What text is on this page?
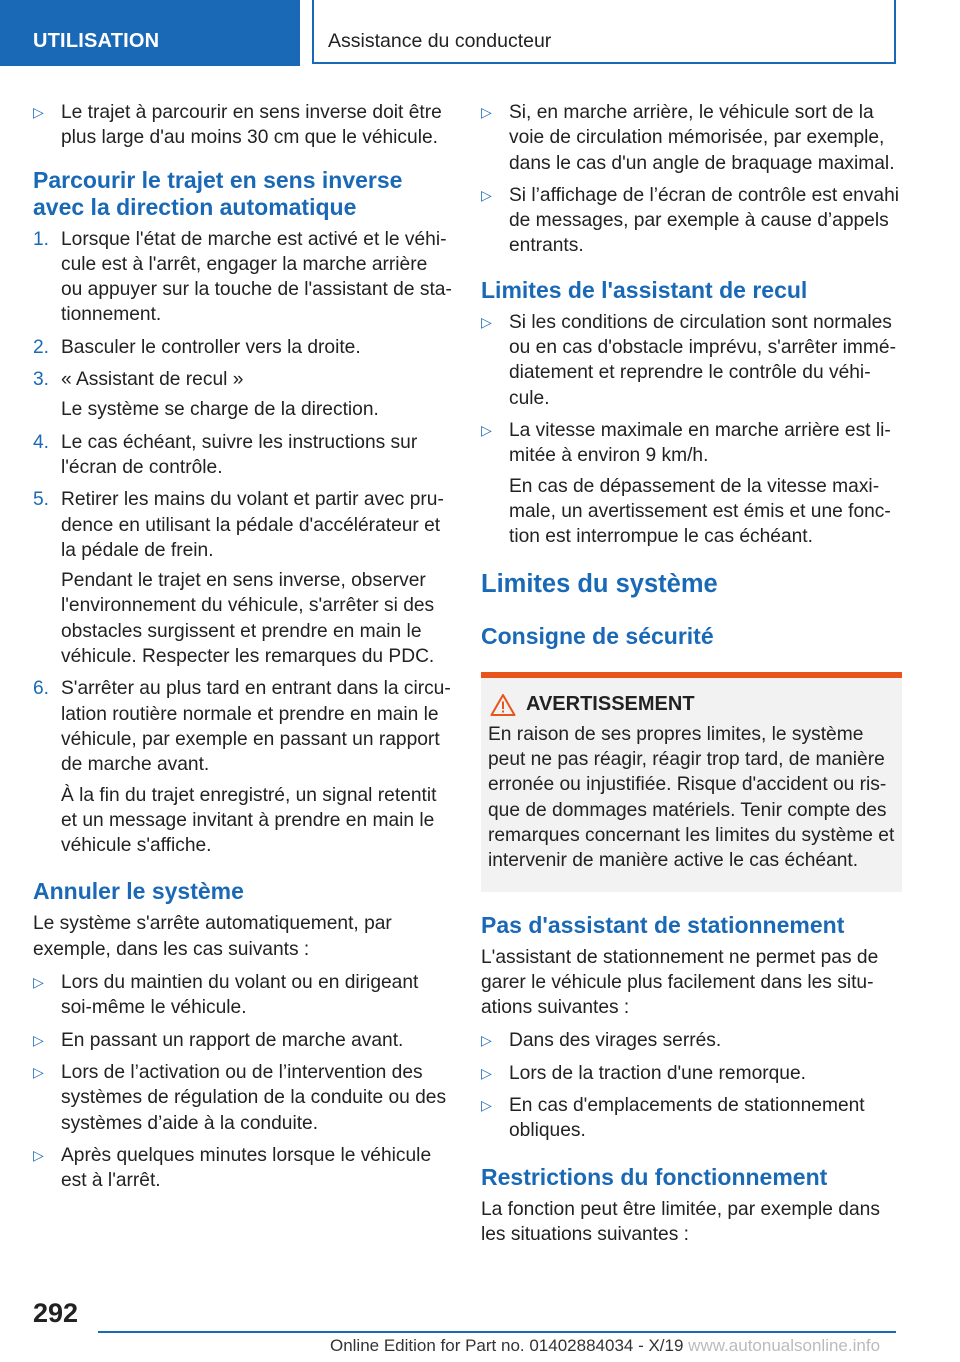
UTILISATION	Assistance du conducteur
▷ Le trajet à parcourir en sens inverse doit être plus large d'au moins 30 cm que le véhicule.

Parcourir le trajet en sens inverse avec la direction automatique
1. Lorsque l'état de marche est activé et le véhicule est à l'arrêt, engager la marche arrière ou appuyer sur la touche de l'assistant de stationnement.

2. Basculer le controller vers la droite.

3. « Assistant de recul »

Le système se charge de la direction.

4. Le cas échéant, suivre les instructions sur l'écran de contrôle.

5. Retirer les mains du volant et partir avec prudence en utilisant la pédale d'accélérateur et la pédale de frein.

Pendant le trajet en sens inverse, observer l'environnement du véhicule, s'arrêter si des obstacles surgissent et prendre en main le véhicule. Respecter les remarques du PDC.

6. S'arrêter au plus tard en entrant dans la circulation routière normale et prendre en main le véhicule, par exemple en passant un rapport de marche avant.

À la fin du trajet enregistré, un signal retentit et un message invitant à prendre en main le véhicule s'affiche.

Annuler le système

Le système s'arrête automatiquement, par exemple, dans les cas suivants :

▷ Lors du maintien du volant ou en dirigeant soi-même le véhicule.

▷ En passant un rapport de marche avant.

▷ Lors de l’activation ou de l’intervention des systèmes de régulation de la conduite ou des systèmes d’aide à la conduite.

▷ Après quelques minutes lorsque le véhicule est à l'arrêt.

▷ Si, en marche arrière, le véhicule sort de la voie de circulation mémorisée, par exemple, dans le cas d'un angle de braquage maximal.

▷ Si l’affichage de l’écran de contrôle est envahi de messages, par exemple à cause d’appels entrants.

Limites de l'assistant de recul
▷ Si les conditions de circulation sont normales ou en cas d'obstacle imprévu, s'arrêter immédiatement et reprendre le contrôle du véhicule.

▷ La vitesse maximale en marche arrière est limitée à environ 9 km/h.

En cas de dépassement de la vitesse maximale, un avertissement est émis et une fonction est interrompue le cas échéant.

Limites du système
Consigne de sécurité
AVERTISSEMENT

En raison de ses propres limites, le système peut ne pas réagir, réagir trop tard, de manière erronée ou injustifiée. Risque d'accident ou risque de dommages matériels. Tenir compte des remarques concernant les limites du système et intervenir de manière active le cas échéant.

Pas d'assistant de stationnement

L'assistant de stationnement ne permet pas de garer le véhicule plus facilement dans les situations suivantes :

▷ Dans des virages serrés.

▷ Lors de la traction d'une remorque.

▷ En cas d'emplacements de stationnement obliques.

Restrictions du fonctionnement

La fonction peut être limitée, par exemple dans les situations suivantes :

292
Online Edition for Part no. 01402884034 - X/19 www.autonualsonline.info
